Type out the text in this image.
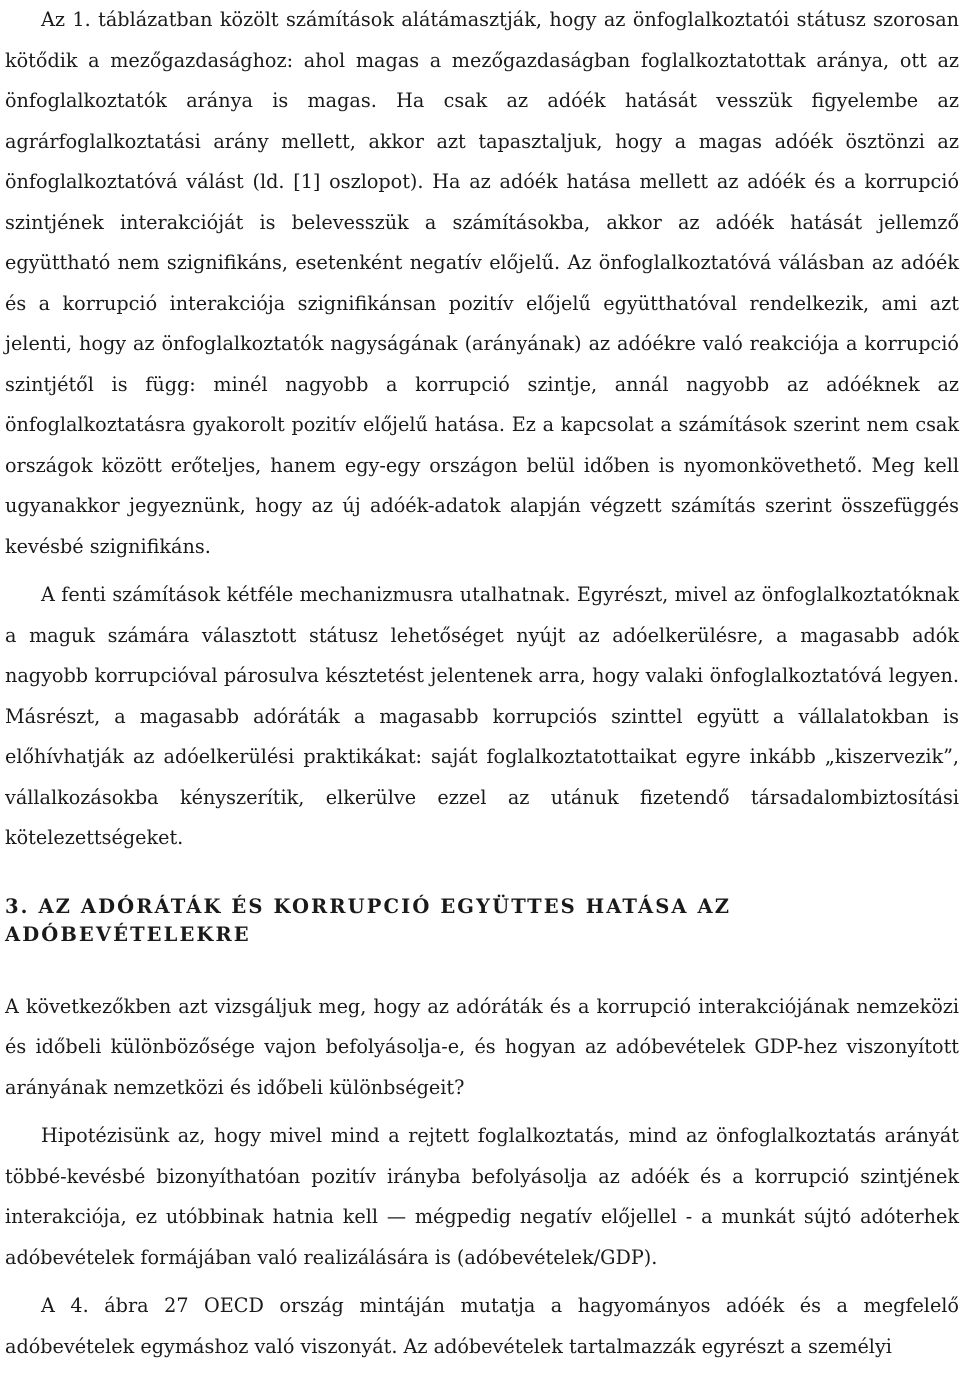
Az 1. táblázatban közölt számítások alátámasztják, hogy az önfoglalkoztatói státusz szorosan kötődik a mezőgazdasághoz: ahol magas a mezőgazdaságban foglalkoztatottak aránya, ott az önfoglalkoztatók aránya is magas. Ha csak az adóék hatását vesszük figyelembe az agrárfoglalkoztatási arány mellett, akkor azt tapasztaljuk, hogy a magas adóék ösztönzi az önfoglalkoztatóvá válást (ld. [1] oszlopot). Ha az adóék hatása mellett az adóék és a korrupció szintjének interakcióját is belevesszük a számításokba, akkor az adóék hatását jellemző együttható nem szignifikáns, esetenként negatív előjelű. Az önfoglalkoztatóvá válásban az adóék és a korrupció interakciója szignifikánsan pozitív előjelű együtthatóval rendelkezik, ami azt jelenti, hogy az önfoglalkoztatók nagyságának (arányának) az adóékre való reakciója a korrupció szintjétől is függ: minél nagyobb a korrupció szintje, annál nagyobb az adóéknek az önfoglalkoztatásra gyakorolt pozitív előjelű hatása. Ez a kapcsolat a számítások szerint nem csak országok között erőteljes, hanem egy-egy országon belül időben is nyomonkövethető. Meg kell ugyanakkor jegyeznünk, hogy az új adóék-adatok alapján végzett számítás szerint összefüggés kevésbé szignifikáns.

A fenti számítások kétféle mechanizmusra utalhatnak. Egyrészt, mivel az önfoglalkoztatóknak a maguk számára választott státusz lehetőséget nyújt az adóelkerülésre, a magasabb adók nagyobb korrupcióval párosulva késztetést jelentenek arra, hogy valaki önfoglalkoztatóvá legyen. Másrészt, a magasabb adóráták a magasabb korrupciós szinttel együtt a vállalatokban is előhívhatják az adóelkerülési praktikákat: saját foglalkoztatottaikat egyre inkább „kiszervezik”, vállalkozásokba kényszerítik, elkerülve ezzel az utánuk fizetendő társadalombiztosítási kötelezettségeket.

3. AZ ADÓRÁTÁK ÉS KORRUPCIÓ EGYÜTTES HATÁSA AZ
ADÓBEVÉTELEKRE

A következőkben azt vizsgáljuk meg, hogy az adóráták és a korrupció interakciójának nemzeközi és időbeli különbözősége vajon befolyásolja-e, és hogyan az adóbevételek GDP-hez viszonyított arányának nemzetközi és időbeli különbségeit?

Hipotézisünk az, hogy mivel mind a rejtett foglalkoztatás, mind az önfoglalkoztatás arányát többé-kevésbé bizonyíthatóan pozitív irányba befolyásolja az adóék és a korrupció szintjének interakciója, ez utóbbinak hatnia kell — mégpedig negatív előjellel - a munkát sújtó adóterhek adóbevételek formájában való realizálására is (adóbevételek/GDP).

A 4. ábra 27 OECD ország mintáján mutatja a hagyományos adóék és a megfelelő adóbevételek egymáshoz való viszonyát. Az adóbevételek tartalmazzák egyrészt a személyi
